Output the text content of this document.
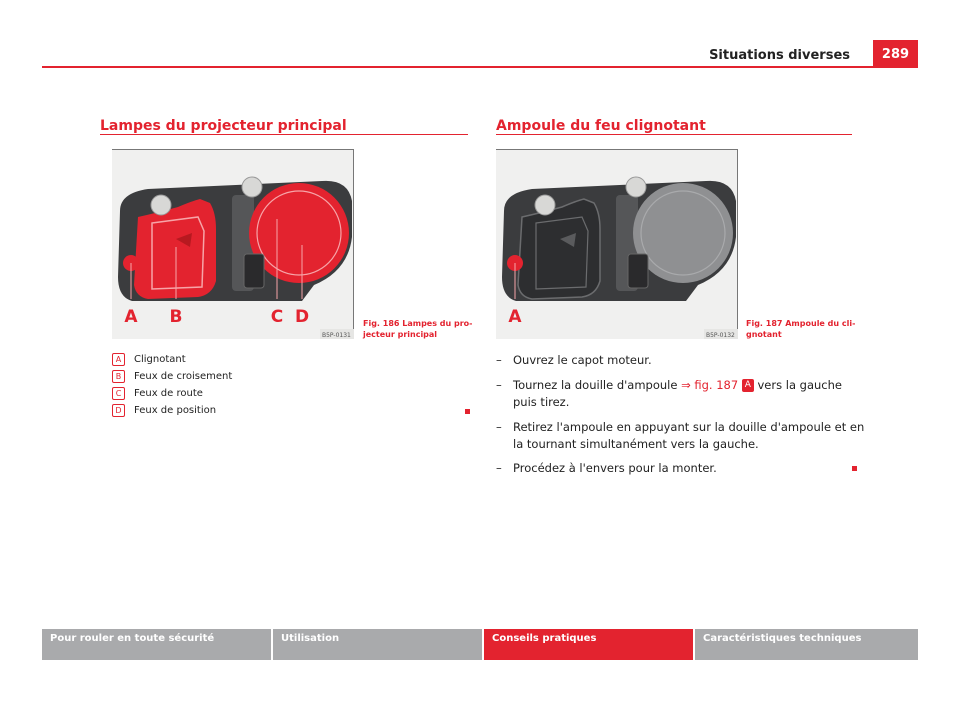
Situations diverses 289
Lampes du projecteur principal
A B	C D
B5P-0131
Fig. 186 Lampes du pro-
jecteur principal
A	Clignotant
B	Feux de croisement
C	Feux de route
D	Feux de position
Ampoule du feu clignotant
A
B5P-0132
Fig. 187 Ampoule du cli-
gnotant
– Ouvrez le capot moteur.
– Tournez la douille d'ampoule ⇒ fig. 187 A vers la gauche puis tirez.
– Retirez l'ampoule en appuyant sur la douille d'ampoule et en la tournant simultanément vers la gauche.
– Procédez à l'envers pour la monter.
Pour rouler en toute sécurité	Utilisation	Conseils pratiques	Caractéristiques techniques
